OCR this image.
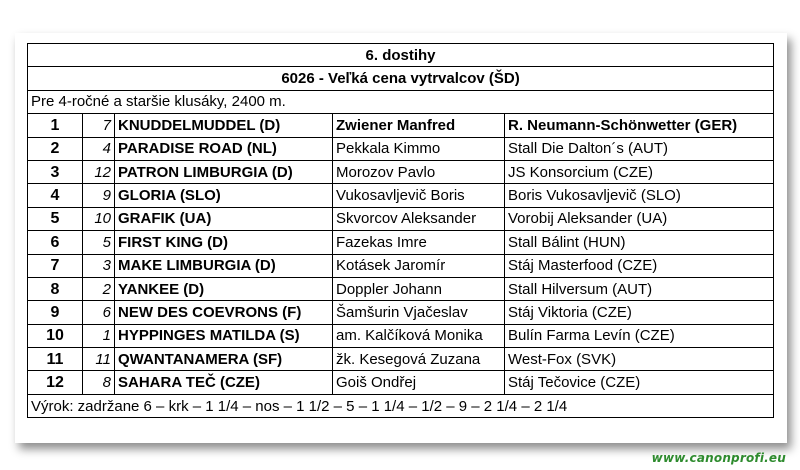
6. dostihy				
6026 - Veľká cena vytrvalcov (ŠD)				
Pre 4-ročné a staršie klusáky, 2400 m.				
1	7	KNUDDELMUDDEL (D)	Zwiener Manfred	R. Neumann-Schönwetter (GER)
2	4	PARADISE ROAD (NL)	Pekkala Kimmo	Stall Die Dalton´s (AUT)
3	12	PATRON LIMBURGIA (D)	Morozov Pavlo	JS Konsorcium (CZE)
4	9	GLORIA (SLO)	Vukosavljevič Boris	Boris Vukosavljevič (SLO)
5	10	GRAFIK (UA)	Skvorcov Aleksander	Vorobij Aleksander (UA)
6	5	FIRST KING (D)	Fazekas Imre	Stall Bálint (HUN)
7	3	MAKE LIMBURGIA (D)	Kotásek Jaromír	Stáj Masterfood (CZE)
8	2	YANKEE (D)	Doppler Johann	Stall Hilversum (AUT)
9	6	NEW DES COEVRONS (F)	Šamšurin Vjačeslav	Stáj Viktoria (CZE)
10	1	HYPPINGES MATILDA (S)	am. Kalčíková Monika	Bulín Farma Levín (CZE)
11	11	QWANTANAMERA (SF)	žk. Kesegová Zuzana	West-Fox (SVK)
12	8	SAHARA TEČ (CZE)	Goiš Ondřej	Stáj Tečovice (CZE)
Výrok: zadržane 6 – krk – 1 1/4 – nos – 1 1/2 – 5 – 1 1/4 – 1/2 – 9 – 2 1/4 – 2 1/4				
www.canonprofi.eu
